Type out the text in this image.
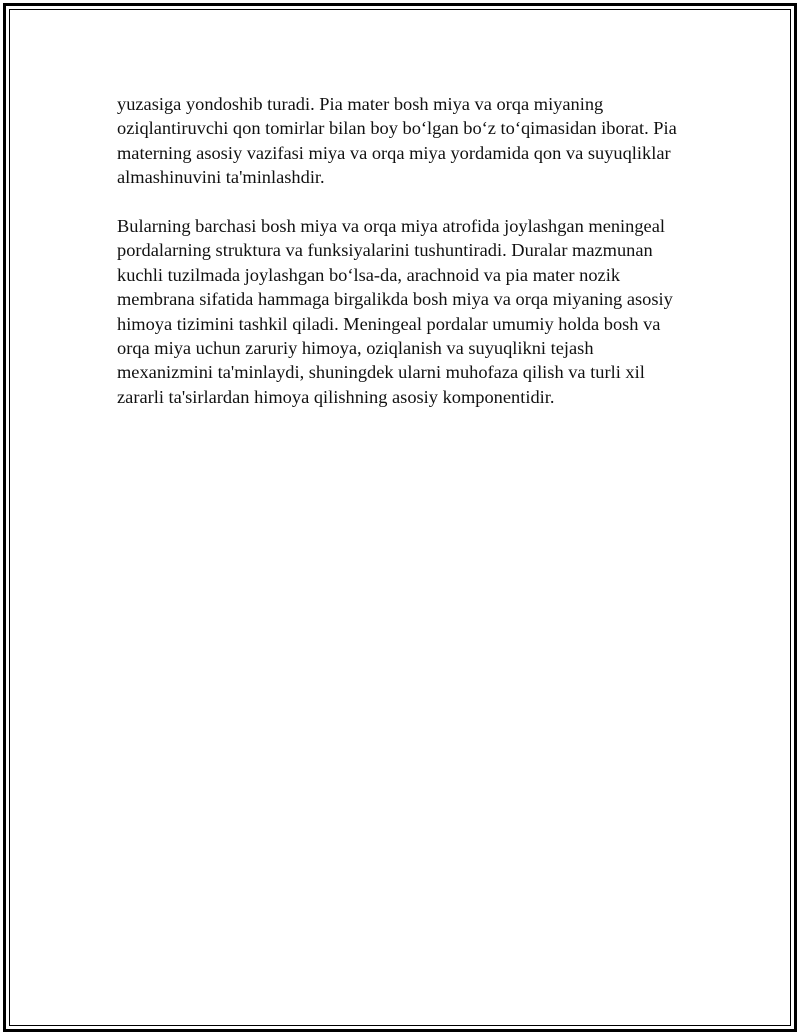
yuzasiga yondoshib turadi. Pia mater bosh miya va orqa miyaning
oziqlantiruvchi qon tomirlar bilan boy bo‘lgan bo‘z to‘qimasidan iborat. Pia
materning asosiy vazifasi miya va orqa miya yordamida qon va suyuqliklar
almashinuvini ta'minlashdir.

Bularning barchasi bosh miya va orqa miya atrofida joylashgan meningeal
pordalarning struktura va funksiyalarini tushuntiradi. Duralar mazmunan
kuchli tuzilmada joylashgan bo‘lsa-da, arachnoid va pia mater nozik
membrana sifatida hammaga birgalikda bosh miya va orqa miyaning asosiy
himoya tizimini tashkil qiladi. Meningeal pordalar umumiy holda bosh va
orqa miya uchun zaruriy himoya, oziqlanish va suyuqlikni tejash
mexanizmini ta'minlaydi, shuningdek ularni muhofaza qilish va turli xil
zararli ta'sirlardan himoya qilishning asosiy komponentidir.
